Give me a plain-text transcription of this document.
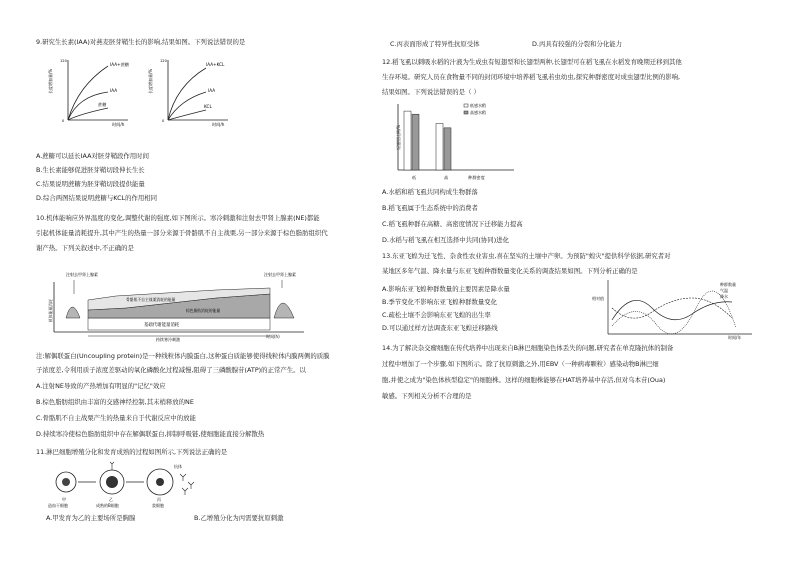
9.研究生长素(IAA)对燕麦胚芽鞘生长的影响,结果如图。下列说法错误的是
IAA+蔗糖
IAA
蔗糖
长度增加量/%
时间/h
120
0
IAA+KCL
IAA
KCL
长度增加量/%
时间/h
120
0
A.蔗糖可以延长IAA对胚芽鞘段作用时间
B.生长素能够促进胚芽鞘切段伸长生长
C.结果说明蔗糖为胚芽鞘切段提供能量
D.综合两图结果说明蔗糖与KCL的作用相同
10.机体能响应外界温度的变化,调整代谢的强度,如下图所示。寒冷刺激和注射去甲肾上腺素(NE)都能
引起机体能量消耗提升,其中产生的热量一部分来源于骨骼肌不自主战栗,另一部分来源于棕色脂肪组织代
谢产热。下列关叙述中,不正确的是
机体能量消耗
基础代谢能量消耗
棕色脂肪消耗的能量
骨骼肌不自主战栗消耗的能量
注射去甲肾上腺素	注射去甲肾上腺素
时间(h)
持续寒冷刺激
注:解偶联蛋白(Uncoupling protein)是一种线粒体内膜蛋白,这种蛋白质能够使得线粒体内膜两侧的质膜
子浓度差,令利用质子浓度差驱动的氧化磷酸化过程减慢,阻碍了三磷酸腺苷(ATP)的正常产生。以
A.注射NE导致的产热增加有明显的"记忆"效应
B.棕色脂肪组织由丰富的交感神经控制,其末梢释放的NE
C.骨骼肌不自主战栗产生的热量来自于代谢反应中的放能
D.持续寒冷使棕色脂肪组织中存在解偶联蛋白,抑制呼吸链,使细胞能直接分解散热
11.淋巴细胞增殖分化和发育成熟的过程如图所示,下列说法正确的是
抗体
甲
造血干细胞
乙
成熟的B细胞
丙
浆细胞
A.甲发育为乙的主要场所是胸腺	B.乙增殖分化为丙需要抗原刺激
C.丙表面形成了特异性抗原受体	D.丙具有较强的分裂和分化能力
12.稻飞虱以刺吸水稻的汁液为生成虫有短翅型和长翅型两种,长翅型可在稻飞虱在水稻发育晚期迁移到其他
生存环境。研究人员在食物量不同的封闭环境中培养稻飞虱若虫幼虫,探究种群密度对成虫翅型比例的影响,
结果如图。下列说法错误的是（ ）
短翅型比例/%
低感水稻
高感水稻
低	高	种群密度
A.水稻和稻飞虱共同构成生物群落
B.稻飞虱属于生态系统中的消费者
C.稻飞虱种群在高糖、高密度情况下迁移能力提高
D.水稻与稻飞虱在相互选择中共同(协同)进化
13.东亚飞蝗为迁飞性、杂食性农业害虫,喜在坚实的土壤中产卵。为预防"蝗灾"提供科学依据,研究者对
某地区多年气温、降水量与东亚飞蝗种群数量变化关系的调查结果如图。下列分析正确的是
A.影响东亚飞蝗种群数量的主要因素是降水量
B.季节变化不影响东亚飞蝗种群数量变化
C.疏松土壤不会影响东亚飞蝗的出生率
D.可以通过样方法调查东亚飞蝗迁移路线
相对值
种群数量
气温
降水
时间/年
14.为了解决杂交瘤细胞在传代培养中出现来自B淋巴细胞染色体丢失的问题,研究者在单克隆抗体的制备
过程中增加了一个步骤,如下图所示。除了抗原刺激之外,用EBV（一种病毒颗粒）感染动物B淋巴细
胞,并使之成为"染色体核型稳定"的细胞株。这样的细胞株能够在HAT培养基中存活,但对乌本苷(Oua)
敏感。下列相关分析不合理的是
